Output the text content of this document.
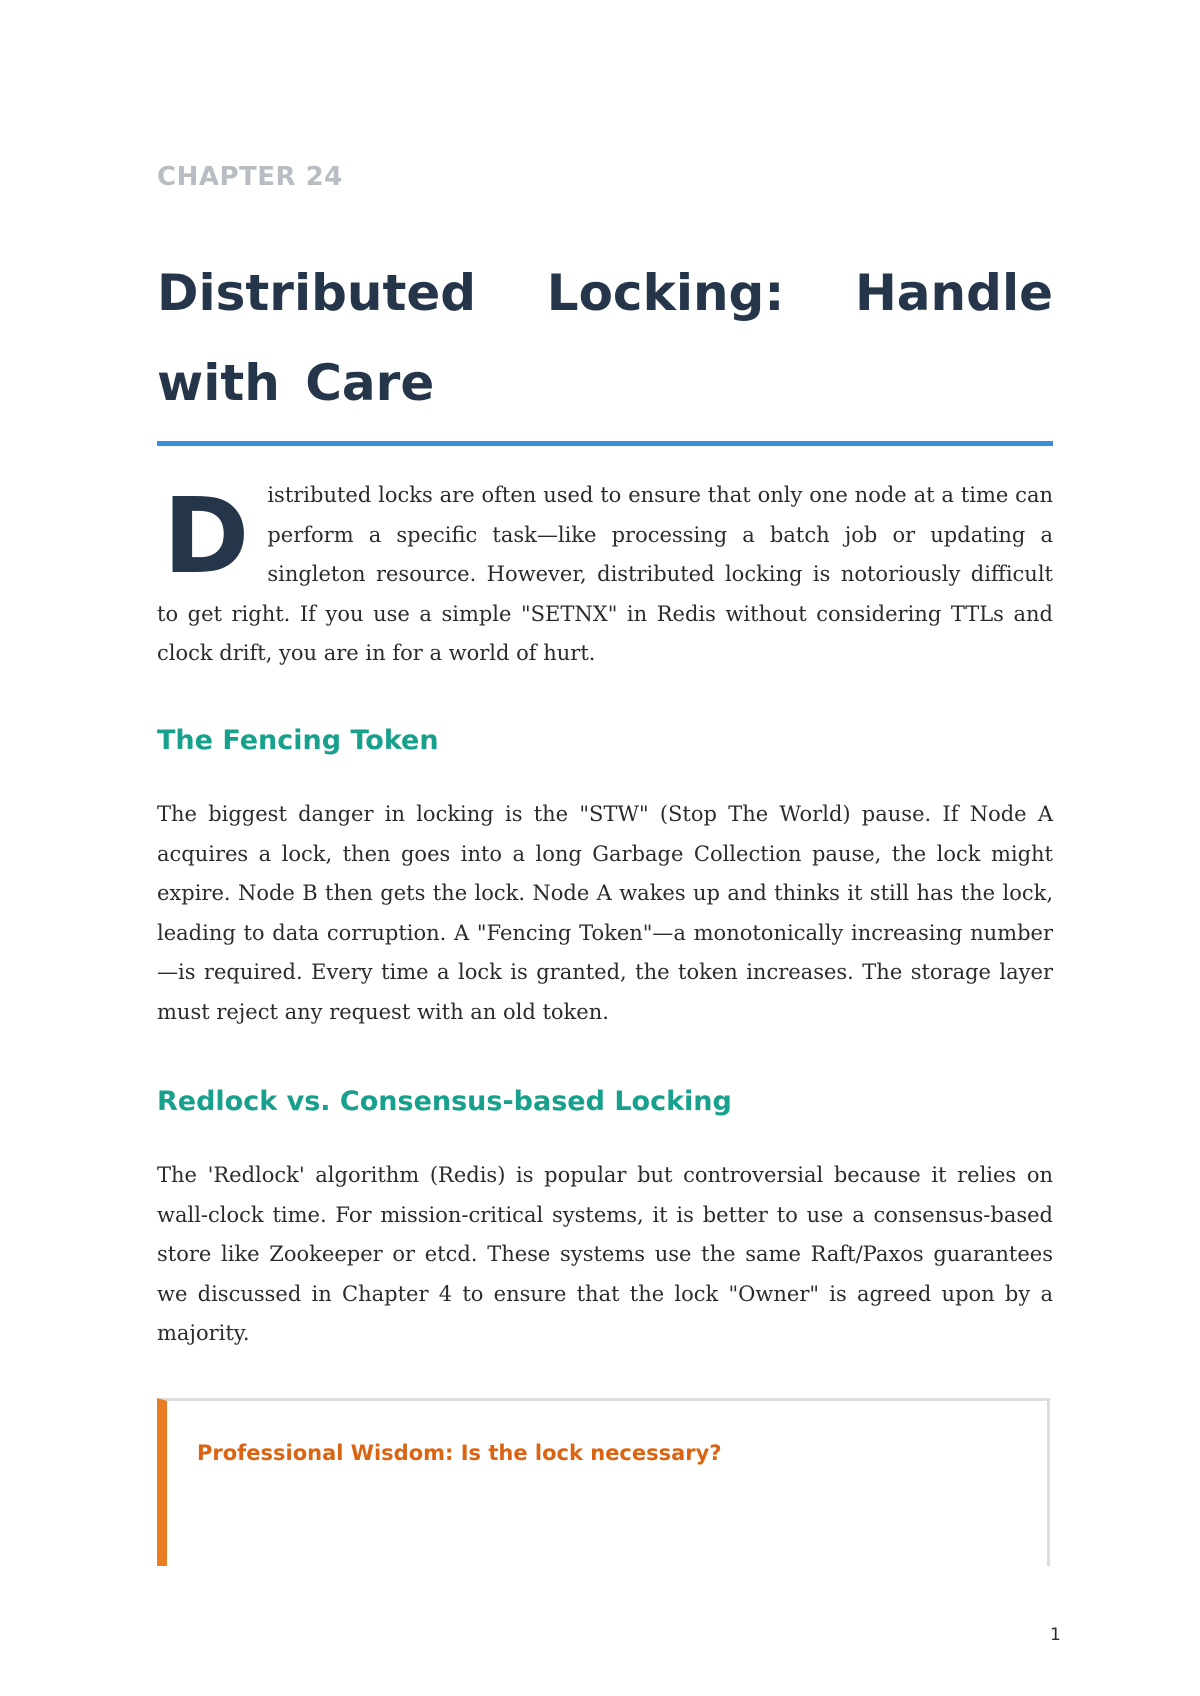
CHAPTER 24
Distributed Locking: Handle with Care
D istributed locks are often used to ensure that only one node at a time can perform a specific task—like processing a batch job or updating a singleton resource. However, distributed locking is notoriously difficult to get right. If you use a simple "SETNX" in Redis without considering TTLs and clock drift, you are in for a world of hurt.

The Fencing Token

The biggest danger in locking is the "STW" (Stop The World) pause. If Node A acquires a lock, then goes into a long Garbage Collection pause, the lock might expire. Node B then gets the lock. Node A wakes up and thinks it still has the lock, leading to data corruption. A "Fencing Token"—a monotonically increasing number—is required. Every time a lock is granted, the token increases. The storage layer must reject any request with an old token.

Redlock vs. Consensus-based Locking

The 'Redlock' algorithm (Redis) is popular but controversial because it relies on wall-clock time. For mission-critical systems, it is better to use a consensus-based store like Zookeeper or etcd. These systems use the same Raft/Paxos guarantees we discussed in Chapter 4 to ensure that the lock "Owner" is agreed upon by a majority.

Professional Wisdom: Is the lock necessary?
1
